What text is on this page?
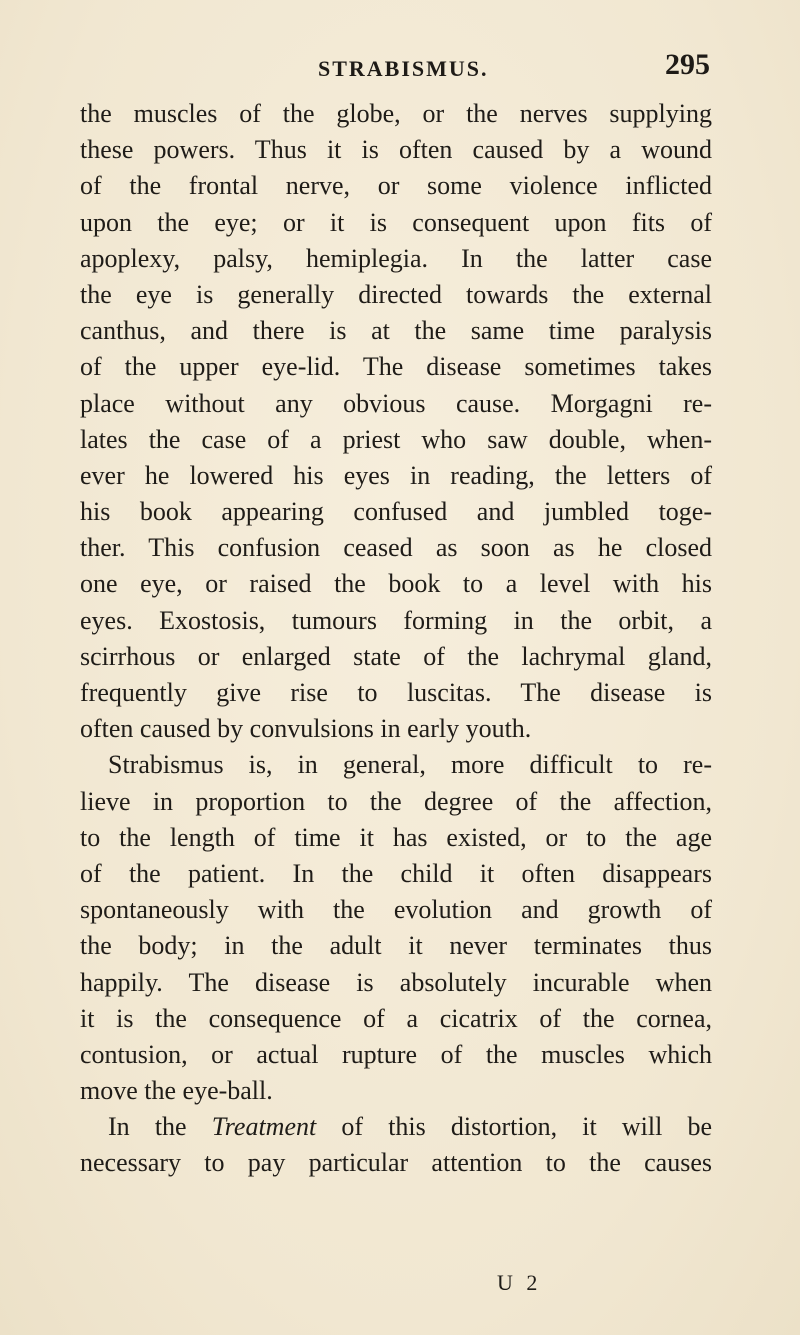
STRABISMUS.	295
the muscles of the globe, or the nerves supplying
these powers. Thus it is often caused by a wound
of the frontal nerve, or some violence inflicted
upon the eye; or it is consequent upon fits of
apoplexy, palsy, hemiplegia. In the latter case
the eye is generally directed towards the external
canthus, and there is at the same time paralysis
of the upper eye-lid. The disease sometimes takes
place without any obvious cause. Morgagni re-
lates the case of a priest who saw double, when-
ever he lowered his eyes in reading, the letters of
his book appearing confused and jumbled toge-
ther. This confusion ceased as soon as he closed
one eye, or raised the book to a level with his
eyes. Exostosis, tumours forming in the orbit, a
scirrhous or enlarged state of the lachrymal gland,
frequently give rise to luscitas. The disease is
often caused by convulsions in early youth.
Strabismus is, in general, more difficult to re-
lieve in proportion to the degree of the affection,
to the length of time it has existed, or to the age
of the patient. In the child it often disappears
spontaneously with the evolution and growth of
the body; in the adult it never terminates thus
happily. The disease is absolutely incurable when
it is the consequence of a cicatrix of the cornea,
contusion, or actual rupture of the muscles which
move the eye-ball.
In the Treatment of this distortion, it will be
necessary to pay particular attention to the causes
U 2
